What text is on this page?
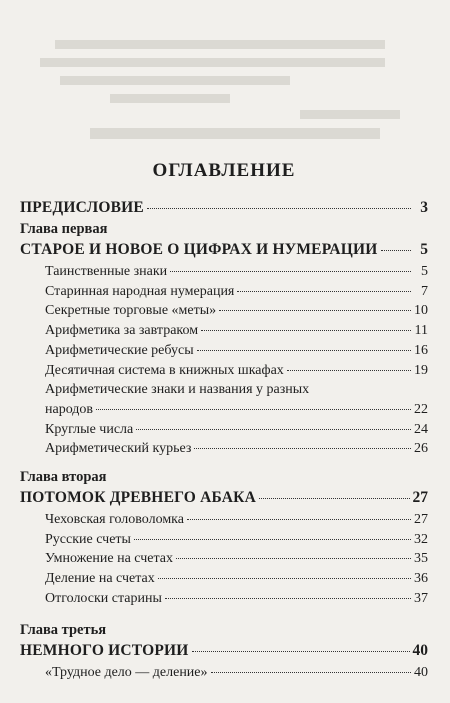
ОГЛАВЛЕНИЕ
ПРЕДИСЛОВИЕ	3
Глава первая
СТАРОЕ И НОВОЕ О ЦИФРАХ И НУМЕРАЦИИ	5
Таинственные знаки	5
Старинная народная нумерация	7
Секретные торговые «меты»	10
Арифметика за завтраком	11
Арифметические ребусы	16
Десятичная система в книжных шкафах	19
Арифметические знаки и названия у разных
народов	22
Круглые числа	24
Арифметический курьез	26
Глава вторая
ПОТОМОК ДРЕВНЕГО АБАКА	27
Чеховская головоломка	27
Русские счеты	32
Умножение на счетах	35
Деление на счетах	36
Отголоски старины	37
Глава третья
НЕМНОГО ИСТОРИИ	40
«Трудное дело — деление»	40
